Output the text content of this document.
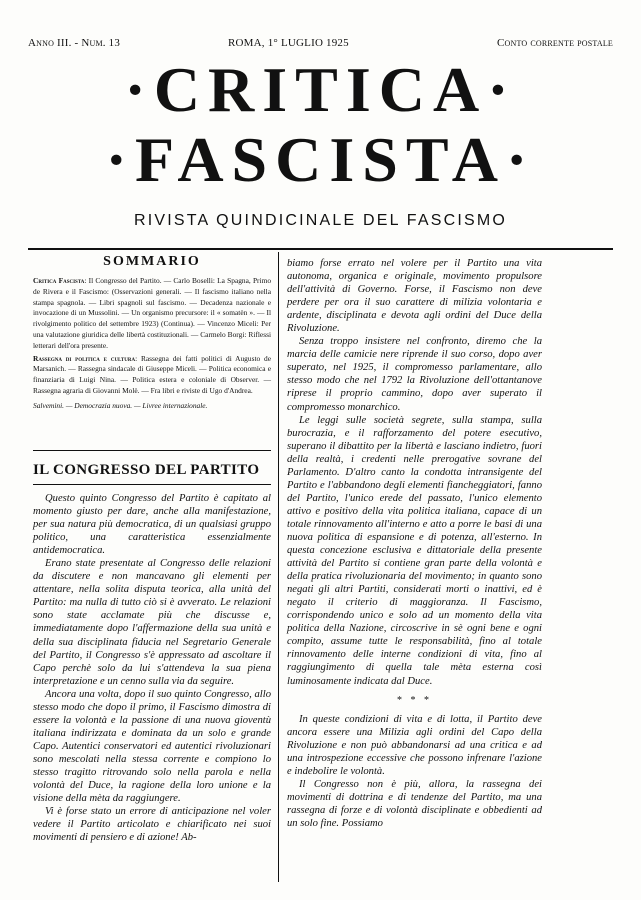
Anno III. - Num. 13	ROMA, 1° LUGLIO 1925	Conto corrente postale
·CRITICA·
·FASCISTA·
RIVISTA QUINDICINALE DEL FASCISMO
SOMMARIO

Critica Fascista: Il Congresso del Partito. — Carlo Boselli: La Spagna, Primo de Rivera e il Fascismo: (Osservazioni generali. — Il fascismo italiano nella stampa spagnola. — Libri spagnoli sul fascismo. — Decadenza nazionale e invocazione di un Mussolini. — Un organismo precursore: il « somatèn ». — Il rivolgimento politico del settembre 1923) (Continua). — Vincenzo Miceli: Per una valutazione giuridica delle libertà costituzionali. — Carmelo Borgi: Riflessi letterari dell'ora presente.

Rassegna di politica e cultura: Rassegna dei fatti politici di Augusto de Marsanich. — Rassegna sindacale di Giuseppe Miceli. — Politica economica e finanziaria di Luigi Nina. — Politica estera e coloniale di Observer. — Rassegna agraria di Giovanni Molè. — Fra libri e riviste di Ugo d'Andrea.

Salvemini. — Democrazia nuova. — Livree internazionale.

IL CONGRESSO DEL PARTITO

Questo quinto Congresso del Partito è capitato al momento giusto per dare, anche alla manifestazione, per sua natura più democratica, di un qualsiasi gruppo politico, una caratteristica essenzialmente antidemocratica.

Erano state presentate al Congresso delle relazioni da discutere e non mancavano gli elementi per attentare, nella solita disputa teorica, alla unità del Partito: ma nulla di tutto ciò si è avverato. Le relazioni sono state acclamate più che discusse e, immediatamente dopo l'affermazione della sua unità e della sua disciplinata fiducia nel Segretario Generale del Partito, il Congresso s'è appressato ad ascoltare il Capo perchè solo da lui s'attendeva la sua piena interpretazione e un cenno sulla via da seguire.

Ancora una volta, dopo il suo quinto Congresso, allo stesso modo che dopo il primo, il Fascismo dimostra di essere la volontà e la passione di una nuova gioventù italiana indirizzata e dominata da un solo e grande Capo. Autentici conservatori ed autentici rivoluzionari sono mescolati nella stessa corrente e compiono lo stesso tragitto ritrovando solo nella parola e nella volontà del Duce, la ragione della loro unione e la visione della mèta da raggiungere.

Vi è forse stato un errore di anticipazione nel voler vedere il Partito articolato e chiarificato nei suoi movimenti di pensiero e di azione! Ab-

biamo forse errato nel volere per il Partito una vita autonoma, organica e originale, movimento propulsore dell'attività di Governo. Forse, il Fascismo non deve perdere per ora il suo carattere di milizia volontaria e ardente, disciplinata e devota agli ordini del Duce della Rivoluzione.

Senza troppo insistere nel confronto, diremo che la marcia delle camicie nere riprende il suo corso, dopo aver superato, nel 1925, il compromesso parlamentare, allo stesso modo che nel 1792 la Rivoluzione dell'ottantanove riprese il proprio cammino, dopo aver superato il compromesso monarchico.

Le leggi sulle società segrete, sulla stampa, sulla burocrazia, e il rafforzamento del potere esecutivo, superano il dibattito per la libertà e lasciano indietro, fuori della realtà, i credenti nelle prerogative sovrane del Parlamento. D'altro canto la condotta intransigente del Partito e l'abbandono degli elementi fiancheggiatori, fanno del Partito, l'unico erede del passato, l'unico elemento attivo e positivo della vita politica italiana, capace di un totale rinnovamento all'interno e atto a porre le basi di una nuova politica di espansione e di potenza, all'esterno. In questa concezione esclusiva e dittatoriale della presente attività del Partito si contiene gran parte della volontà e della pratica rivoluzionaria del movimento; in quanto sono negati gli altri Partiti, considerati morti o inattivi, ed è negato il criterio di maggioranza. Il Fascismo, corrispondendo unico e solo ad un momento della vita politica della Nazione, circoscrive in sè ogni bene e ogni compito, assume tutte le responsabilità, fino al totale rinnovamento delle interne condizioni di vita, fino al raggiungimento di quella tale mèta esterna così luminosamente indicata dal Duce.

* * *

In queste condizioni di vita e di lotta, il Partito deve ancora essere una Milizia agli ordini del Capo della Rivoluzione e non può abbandonarsi ad una critica e ad una introspezione eccessive che possono infrenare l'azione e indebolire le volontà.

Il Congresso non è più, allora, la rassegna dei movimenti di dottrina e di tendenze del Partito, ma una rassegna di forze e di volontà disciplinate e obbedienti ad un solo fine. Possiamo
